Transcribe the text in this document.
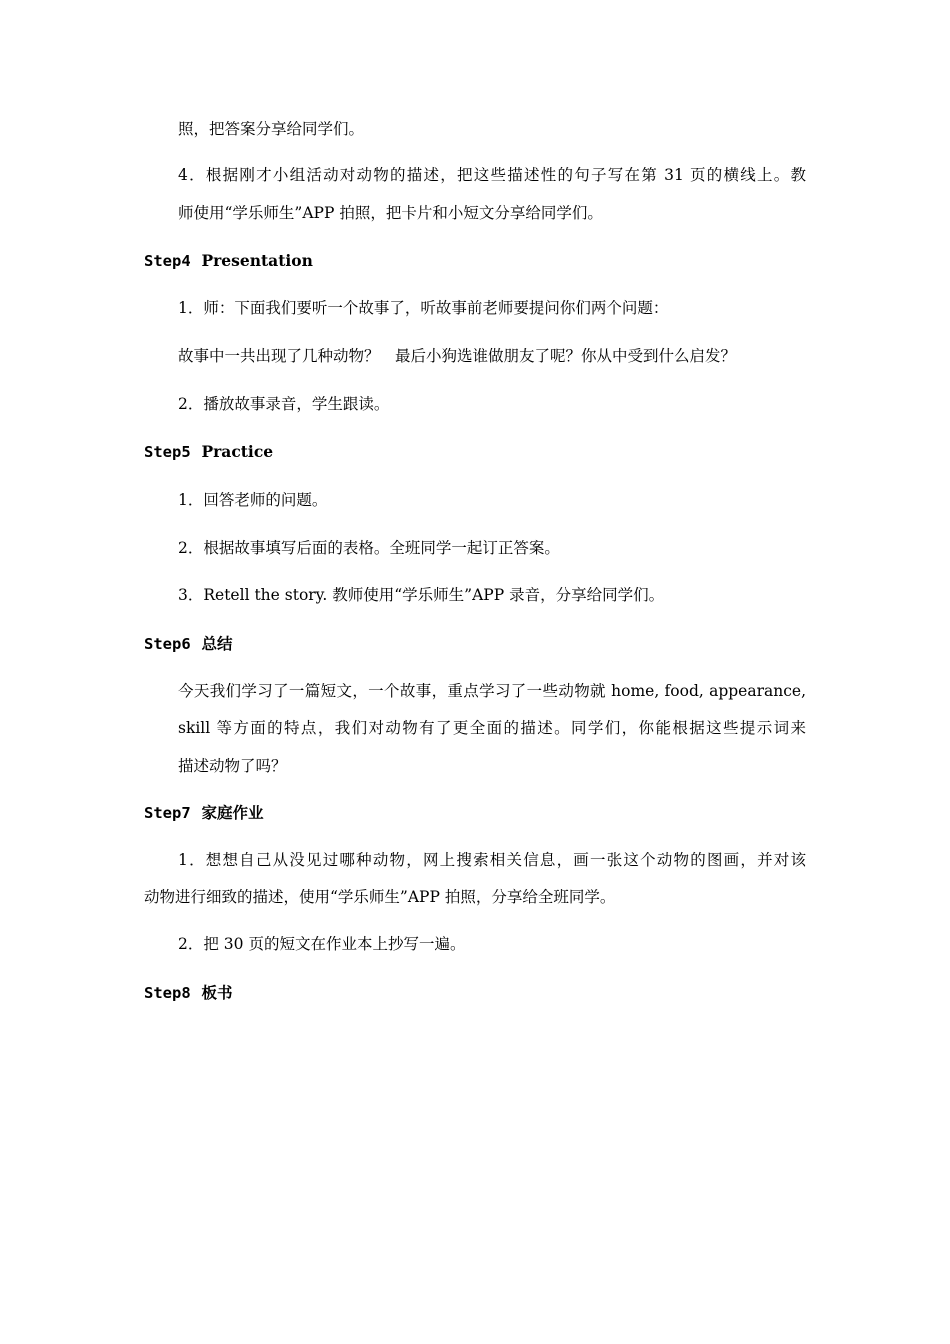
照，把答案分享给同学们。
4．根据刚才小组活动对动物的描述，把这些描述性的句子写在第 31 页的横线上。教
师使用“学乐师生”APP 拍照，把卡片和小短文分享给同学们。
Step4 Presentation
1．师：下面我们要听一个故事了，听故事前老师要提问你们两个问题：
故事中一共出现了几种动物？　最后小狗选谁做朋友了呢？你从中受到什么启发？
2．播放故事录音，学生跟读。
Step5 Practice
1．回答老师的问题。
2．根据故事填写后面的表格。全班同学一起订正答案。
3．Retell the story. 教师使用“学乐师生”APP 录音，分享给同学们。
Step6 总结
今天我们学习了一篇短文，一个故事，重点学习了一些动物就 home, food, appearance,
skill 等方面的特点，我们对动物有了更全面的描述。同学们，你能根据这些提示词来
描述动物了吗？
Step7 家庭作业
1．想想自己从没见过哪种动物，网上搜索相关信息，画一张这个动物的图画，并对该
动物进行细致的描述，使用“学乐师生”APP 拍照，分享给全班同学。
2．把 30 页的短文在作业本上抄写一遍。
Step8 板书
